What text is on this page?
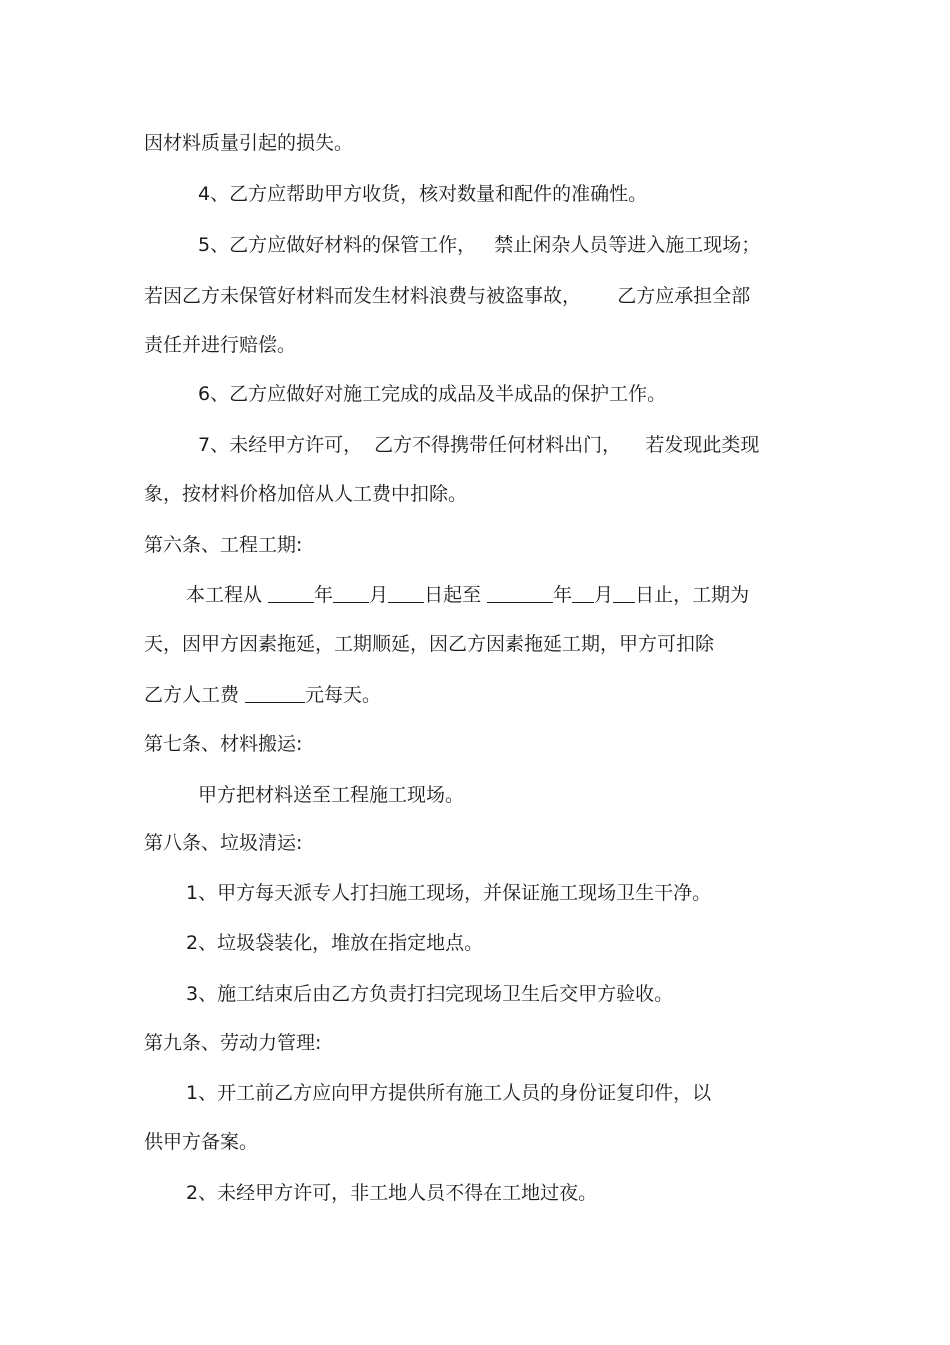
因材料质量引起的损失。
4、乙方应帮助甲方收货，核对数量和配件的准确性。
5、乙方应做好材料的保管工作，   禁止闲杂人员等进入施工现场；
若因乙方未保管好材料而发生材料浪费与被盗事故，      乙方应承担全部
责任并进行赔偿。
6、乙方应做好对施工完成的成品及半成品的保护工作。
7、未经甲方许可，  乙方不得携带任何材料出门，    若发现此类现
象，按材料价格加倍从人工费中扣除。
第六条、工程工期:
本工程从 年 月 日起至	年 月 日止，工期为
天，因甲方因素拖延，工期顺延，因乙方因素拖延工期，甲方可扣除
乙方人工费	元每天。
第七条、材料搬运:
甲方把材料送至工程施工现场。
第八条、垃圾清运:
1、甲方每天派专人打扫施工现场，并保证施工现场卫生干净。
2、垃圾袋装化，堆放在指定地点。
3、施工结束后由乙方负责打扫完现场卫生后交甲方验收。
第九条、劳动力管理:
1、开工前乙方应向甲方提供所有施工人员的身份证复印件，以
供甲方备案。
2、未经甲方许可，非工地人员不得在工地过夜。
